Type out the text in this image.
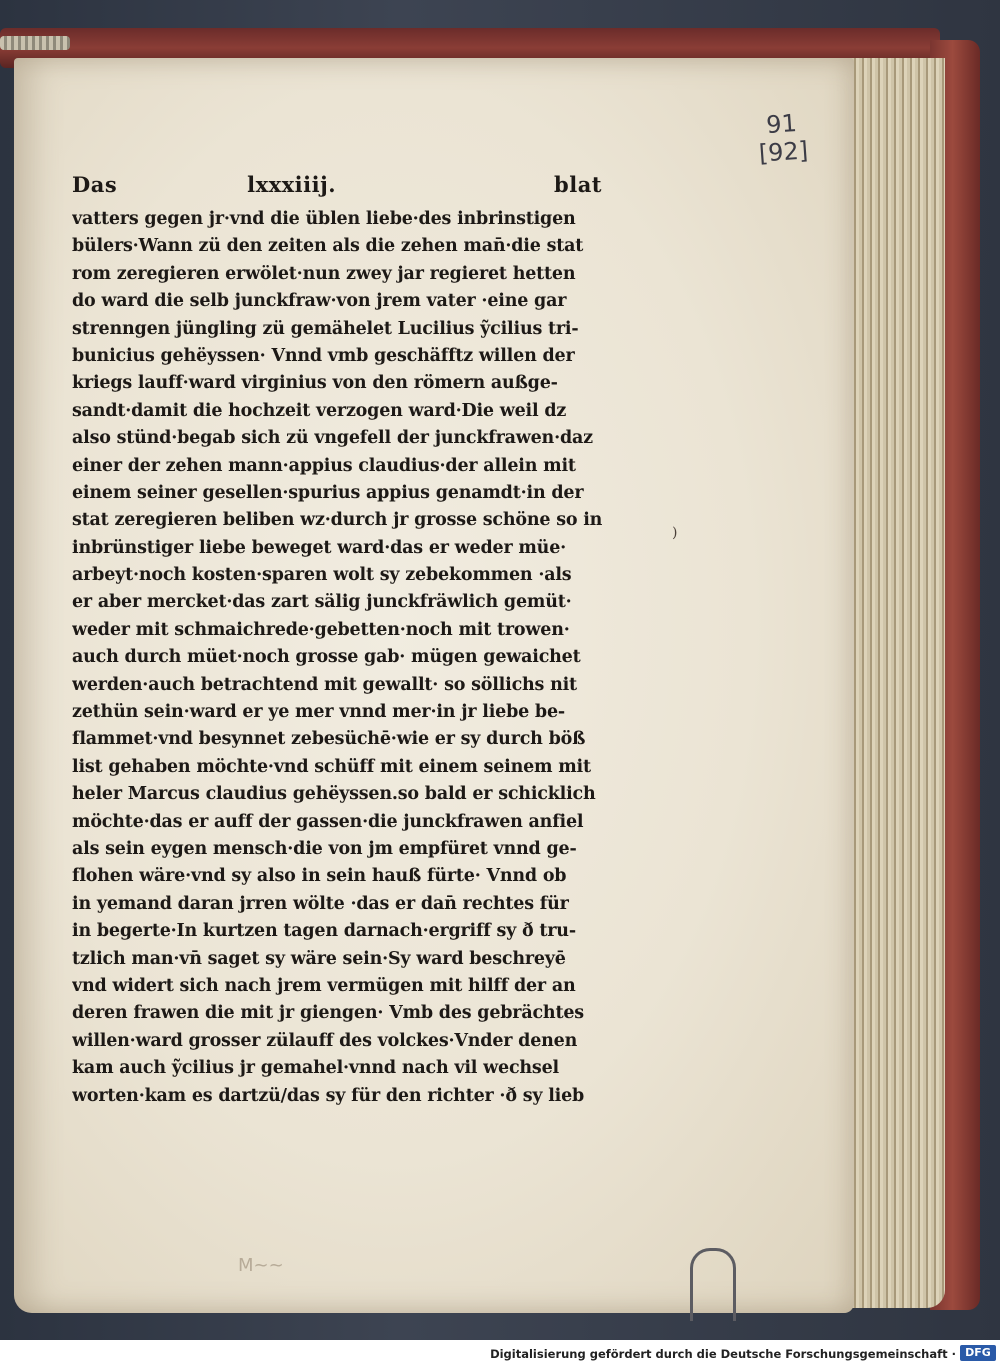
91
[92]
Das	lxxxiiij.	blat
vatters gegen jr·vnd die üblen liebe·des inbrinstigen
bülers·Wann zü den zeiten als die zehen man̄·die stat
rom zeregieren erwölet·nun zwey jar regieret hetten
do ward die selb junckfraw·von jrem vater ·eine gar
strenngen jüngling zü gemähelet Lucilius ỹcilius tri-
bunicius gehëyssen· Vnnd vmb geschäfftz willen der
kriegs lauff·ward virginius von den römern außge-
sandt·damit die hochzeit verzogen ward·Die weil dz
also stünd·begab sich zü vngefell der junckfrawen·daz
einer der zehen mann·appius claudius·der allein mit
einem seiner gesellen·spurius appius genamdt·in der
stat zeregieren beliben wz·durch jr grosse schöne so in
inbrünstiger liebe beweget ward·das er weder müe·
arbeyt·noch kosten·sparen wolt sy zebekommen ·als
er aber mercket·das zart sälig junckfräwlich gemüt·
weder mit schmaichrede·gebetten·noch mit trowen·
auch durch müet·noch grosse gab· mügen gewaichet
werden·auch betrachtend mit gewallt· so söllichs nit
zethün sein·ward er ye mer vnnd mer·in jr liebe be-
flammet·vnd besynnet zebesüchē·wie er sy durch böß
list gehaben möchte·vnd schüff mit einem seinem mit
heler Marcus claudius gehëyssen.so bald er schicklich
möchte·das er auff der gassen·die junckfrawen anfiel
als sein eygen mensch·die von jm empfüret vnnd ge-
flohen wäre·vnd sy also in sein hauß fürte· Vnnd ob
in yemand daran jrren wölte ·das er dan̄ rechtes für
in begerte·In kurtzen tagen darnach·ergriff sy ð tru-
tzlich man·vn̄ saget sy wäre sein·Sy ward beschreyē
vnd widert sich nach jrem vermügen mit hilff der an
deren frawen die mit jr giengen· Vmb des gebrächtes
willen·ward grosser zülauff des volckes·Vnder denen
kam auch ỹcilius jr gemahel·vnnd nach vil wechsel
worten·kam es dartzü/das sy für den richter ·ð sy lieb
)
M~~
Digitalisierung gefördert durch die Deutsche Forschungsgemeinschaft · DFG
